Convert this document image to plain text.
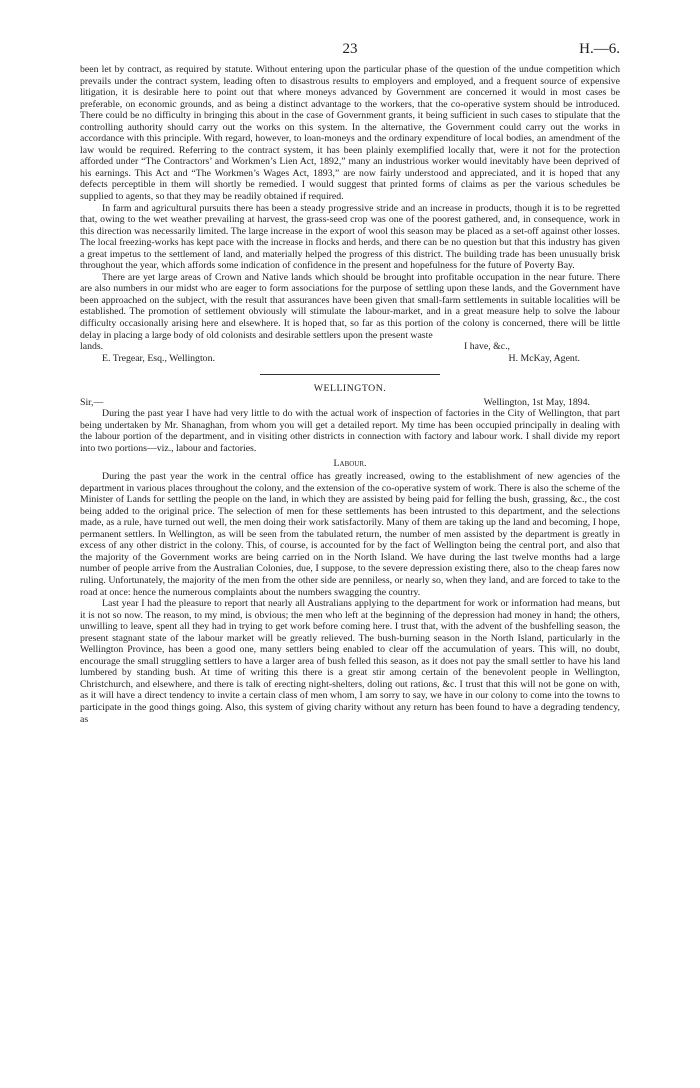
23	H.—6.

been let by contract, as required by statute. Without entering upon the particular phase of the question of the undue competition which prevails under the contract system, leading often to disastrous results to employers and employed, and a frequent source of expensive litigation, it is desirable here to point out that where moneys advanced by Government are concerned it would in most cases be preferable, on economic grounds, and as being a distinct advantage to the workers, that the co-operative system should be introduced. There could be no difficulty in bringing this about in the case of Government grants, it being sufficient in such cases to stipulate that the controlling authority should carry out the works on this system. In the alternative, the Government could carry out the works in accordance with this principle. With regard, however, to loan-moneys and the ordinary expenditure of local bodies, an amendment of the law would be required. Referring to the contract system, it has been plainly exemplified locally that, were it not for the protection afforded under “The Contractors’ and Workmen’s Lien Act, 1892,” many an industrious worker would inevitably have been deprived of his earnings. This Act and “The Workmen’s Wages Act, 1893,” are now fairly understood and appreciated, and it is hoped that any defects perceptible in them will shortly be remedied. I would suggest that printed forms of claims as per the various schedules be supplied to agents, so that they may be readily obtained if required.

In farm and agricultural pursuits there has been a steady progressive stride and an increase in products, though it is to be regretted that, owing to the wet weather prevailing at harvest, the grass-seed crop was one of the poorest gathered, and, in consequence, work in this direction was necessarily limited. The large increase in the export of wool this season may be placed as a set-off against other losses. The local freezing-works has kept pace with the increase in flocks and herds, and there can be no question but that this industry has given a great impetus to the settlement of land, and materially helped the progress of this district. The building trade has been unusually brisk throughout the year, which affords some indication of confidence in the present and hopefulness for the future of Poverty Bay.

There are yet large areas of Crown and Native lands which should be brought into profitable occupation in the near future. There are also numbers in our midst who are eager to form associations for the purpose of settling upon these lands, and the Government have been approached on the subject, with the result that assurances have been given that small-farm settlements in suitable localities will be established. The promotion of settlement obviously will stimulate the labour-market, and in a great measure help to solve the labour difficulty occasionally arising here and elsewhere. It is hoped that, so far as this portion of the colony is concerned, there will be little delay in placing a large body of old colonists and desirable settlers upon the present waste

lands.	I have, &c.,
E. Tregear, Esq., Wellington.	H. McKay, Agent.
WELLINGTON.
Sir,—	Wellington, 1st May, 1894.

During the past year I have had very little to do with the actual work of inspection of factories in the City of Wellington, that part being undertaken by Mr. Shanaghan, from whom you will get a detailed report. My time has been occupied principally in dealing with the labour portion of the department, and in visiting other districts in connection with factory and labour work. I shall divide my report into two portions—viz., labour and factories.

Labour.

During the past year the work in the central office has greatly increased, owing to the establishment of new agencies of the department in various places throughout the colony, and the extension of the co-operative system of work. There is also the scheme of the Minister of Lands for settling the people on the land, in which they are assisted by being paid for felling the bush, grassing, &c., the cost being added to the original price. The selection of men for these settlements has been intrusted to this department, and the selections made, as a rule, have turned out well, the men doing their work satisfactorily. Many of them are taking up the land and becoming, I hope, permanent settlers. In Wellington, as will be seen from the tabulated return, the number of men assisted by the department is greatly in excess of any other district in the colony. This, of course, is accounted for by the fact of Wellington being the central port, and also that the majority of the Government works are being carried on in the North Island. We have during the last twelve months had a large number of people arrive from the Australian Colonies, due, I suppose, to the severe depression existing there, also to the cheap fares now ruling. Unfortunately, the majority of the men from the other side are penniless, or nearly so, when they land, and are forced to take to the road at once: hence the numerous complaints about the numbers swagging the country.

Last year I had the pleasure to report that nearly all Australians applying to the department for work or information had means, but it is not so now. The reason, to my mind, is obvious; the men who left at the beginning of the depression had money in hand; the others, unwilling to leave, spent all they had in trying to get work before coming here. I trust that, with the advent of the bushfelling season, the present stagnant state of the labour market will be greatly relieved. The bush-burning season in the North Island, particularly in the Wellington Province, has been a good one, many settlers being enabled to clear off the accumulation of years. This will, no doubt, encourage the small struggling settlers to have a larger area of bush felled this season, as it does not pay the small settler to have his land lumbered by standing bush. At time of writing this there is a great stir among certain of the benevolent people in Wellington, Christchurch, and elsewhere, and there is talk of erecting night-shelters, doling out rations, &c. I trust that this will not be gone on with, as it will have a direct tendency to invite a certain class of men whom, I am sorry to say, we have in our colony to come into the towns to participate in the good things going. Also, this system of giving charity without any return has been found to have a degrading tendency, as
